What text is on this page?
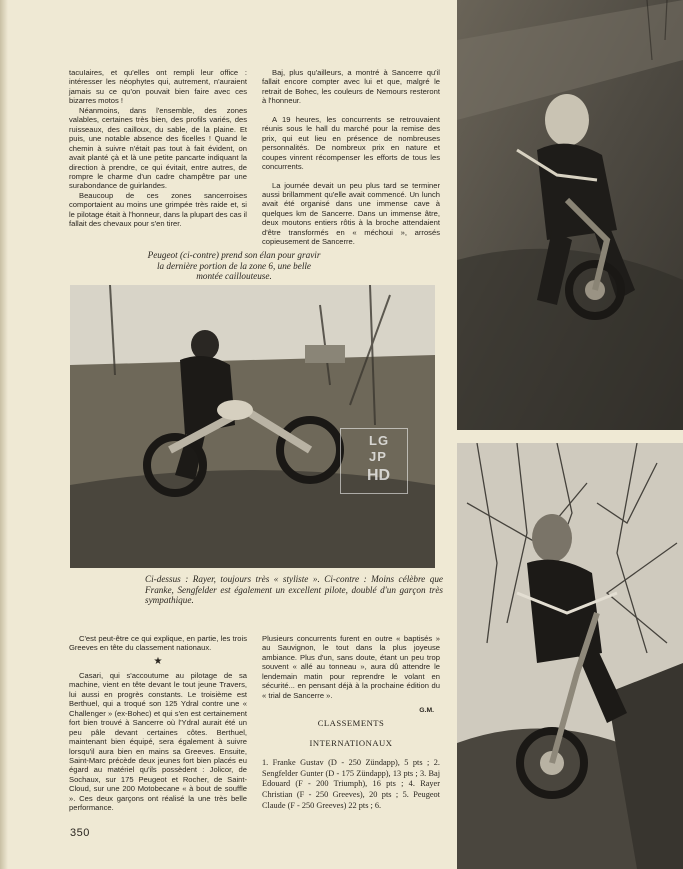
tacuIaires, et qu'elles ont rempli leur office : intéresser les néophytes qui, autrement, n'auraient jamais su ce qu'on pouvait bien faire avec ces bizarres motos !

Néanmoins, dans l'ensemble, des zones valables, certaines très bien, des profils variés, des ruisseaux, des cailloux, du sable, de la plaine. Et puis, une notable absence des ficelles ! Quand le chemin à suivre n'était pas tout à fait évident, on avait planté çà et là une petite pancarte indiquant la direction à prendre, ce qui évitait, entre autres, de rompre le charme d'un cadre champêtre par une surabondance de guirlandes.

Beaucoup de ces zones sancerroises comportaient au moins une grimpée très raide et, si le pilotage était à l'honneur, dans la plupart des cas il fallait des chevaux pour s'en tirer.

Baj, plus qu'ailleurs, a montré à Sancerre qu'il fallait encore compter avec lui et que, malgré le retrait de Bohec, les couleurs de Nemours resteront à l'honneur.

A 19 heures, les concurrents se retrouvaient réunis sous le hall du marché pour la remise des prix, qui eut lieu en présence de nombreuses personnalités. De nombreux prix en nature et coupes vinrent récompenser les efforts de tous les concurrents.

La journée devait un peu plus tard se terminer aussi brillamment qu'elle avait commencé. Un lunch avait été organisé dans une immense cave à quelques km de Sancerre. Dans un immense âtre, deux moutons entiers rôtis à la broche attendaient d'être transformés en « méchoui », arrosés copieusement de Sancerre.

Peugeot (ci-contre) prend son élan pour gravir la dernière portion de la zone 6, une belle montée caillouteuse.
LG
JP
HD
Ci-dessus : Rayer, toujours très « styliste ». Ci-contre : Moins célèbre que Franke, Sengfelder est également un excellent pilote, doublé d'un garçon très sympathique.

C'est peut-être ce qui explique, en partie, les trois Greeves en tête du classement nationaux.

★

Casari, qui s'accoutume au pilotage de sa machine, vient en tête devant le tout jeune Travers, lui aussi en progrès constants. Le troisième est Berthuel, qui a troqué son 125 Ydral contre une « Challenger » (ex-Bohec) et qui s'en est certainement fort bien trouvé à Sancerre où l'Ydral aurait été un peu pâle devant certaines côtes. Berthuel, maintenant bien équipé, sera également à suivre lorsqu'il aura bien en mains sa Greeves. Ensuite, Saint-Marc précède deux jeunes fort bien placés eu égard au matériel qu'ils possèdent : Jolicor, de Sochaux, sur 175 Peugeot et Rocher, de Saint-Cloud, sur une 200 Motobecane « à bout de souffle ». Ces deux garçons ont réalisé la une très belle performance.

Plusieurs concurrents furent en outre « baptisés » au Sauvignon, le tout dans la plus joyeuse ambiance. Plus d'un, sans doute, étant un peu trop souvent « allé au tonneau », aura dû attendre le lendemain matin pour reprendre le volant en sécurité... en pensant déjà à la prochaine édition du « trial de Sancerre ».

G.M.
CLASSEMENTS
INTERNATIONAUX
1. Franke Gustav (D - 250 Zündapp), 5 pts ; 2. Sengfelder Gunter (D - 175 Zündapp), 13 pts ; 3. Baj Edouard (F - 200 Triumph), 16 pts ; 4. Rayer Christian (F - 250 Greeves), 20 pts ; 5. Peugeot Claude (F - 250 Greeves) 22 pts ; 6.
350
